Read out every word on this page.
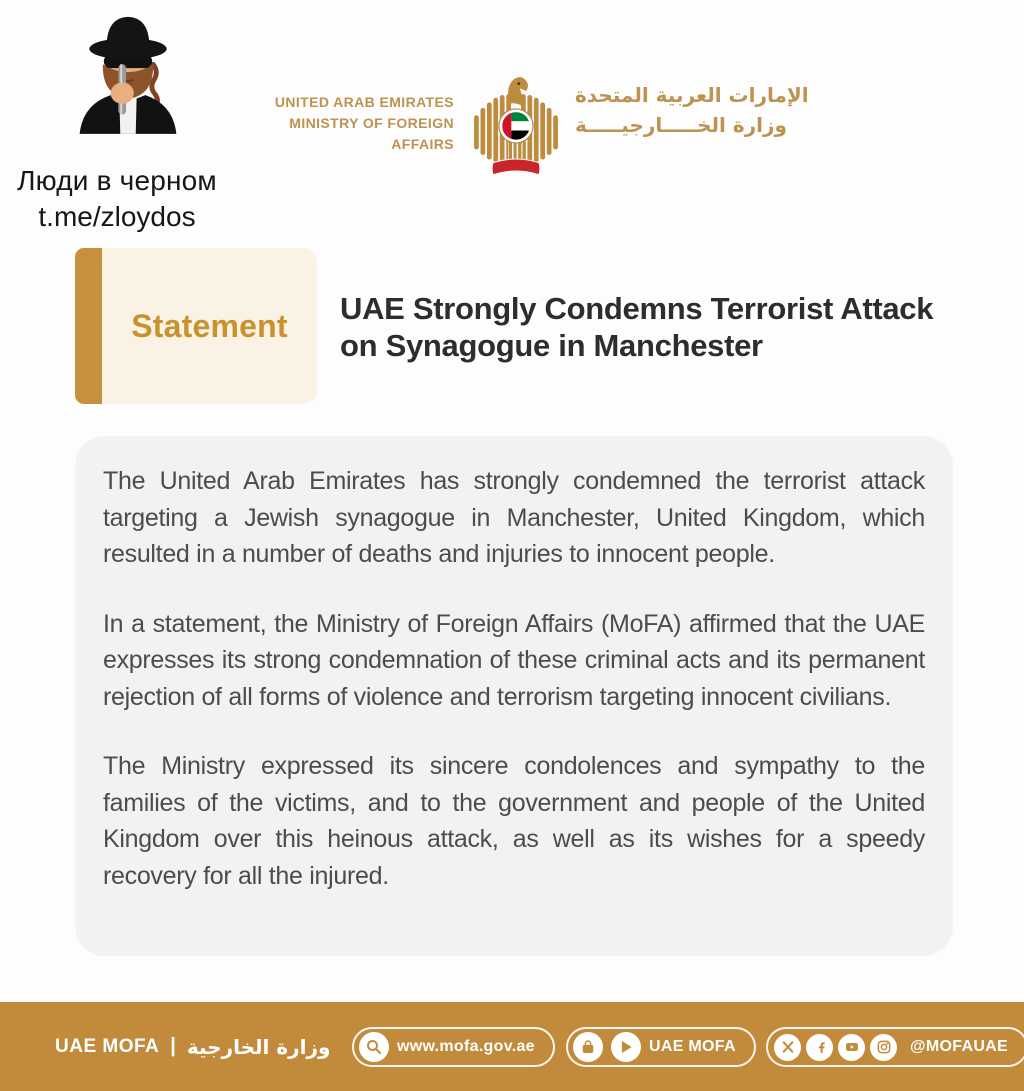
Люди в черном
t.me/zloydos
UNITED ARAB EMIRATES
MINISTRY OF FOREIGN AFFAIRS
الإمارات العربية المتحدة
وزارة الخـــــارجيـــــة
Statement UAE Strongly Condemns Terrorist Attack on Synagogue in Manchester

The United Arab Emirates has strongly condemned the terrorist attack targeting a Jewish synagogue in Manchester, United Kingdom, which resulted in a number of deaths and injuries to innocent people.

In a statement, the Ministry of Foreign Affairs (MoFA) affirmed that the UAE expresses its strong condemnation of these criminal acts and its permanent rejection of all forms of violence and terrorism targeting innocent civilians.

The Ministry expressed its sincere condolences and sympathy to the families of the victims, and to the government and people of the United Kingdom over this heinous attack, as well as its wishes for a speedy recovery for all the injured.

UAE MOFA | وزارة الخارجية	www.mofa.gov.ae	UAE MOFA	@MOFAUAE
